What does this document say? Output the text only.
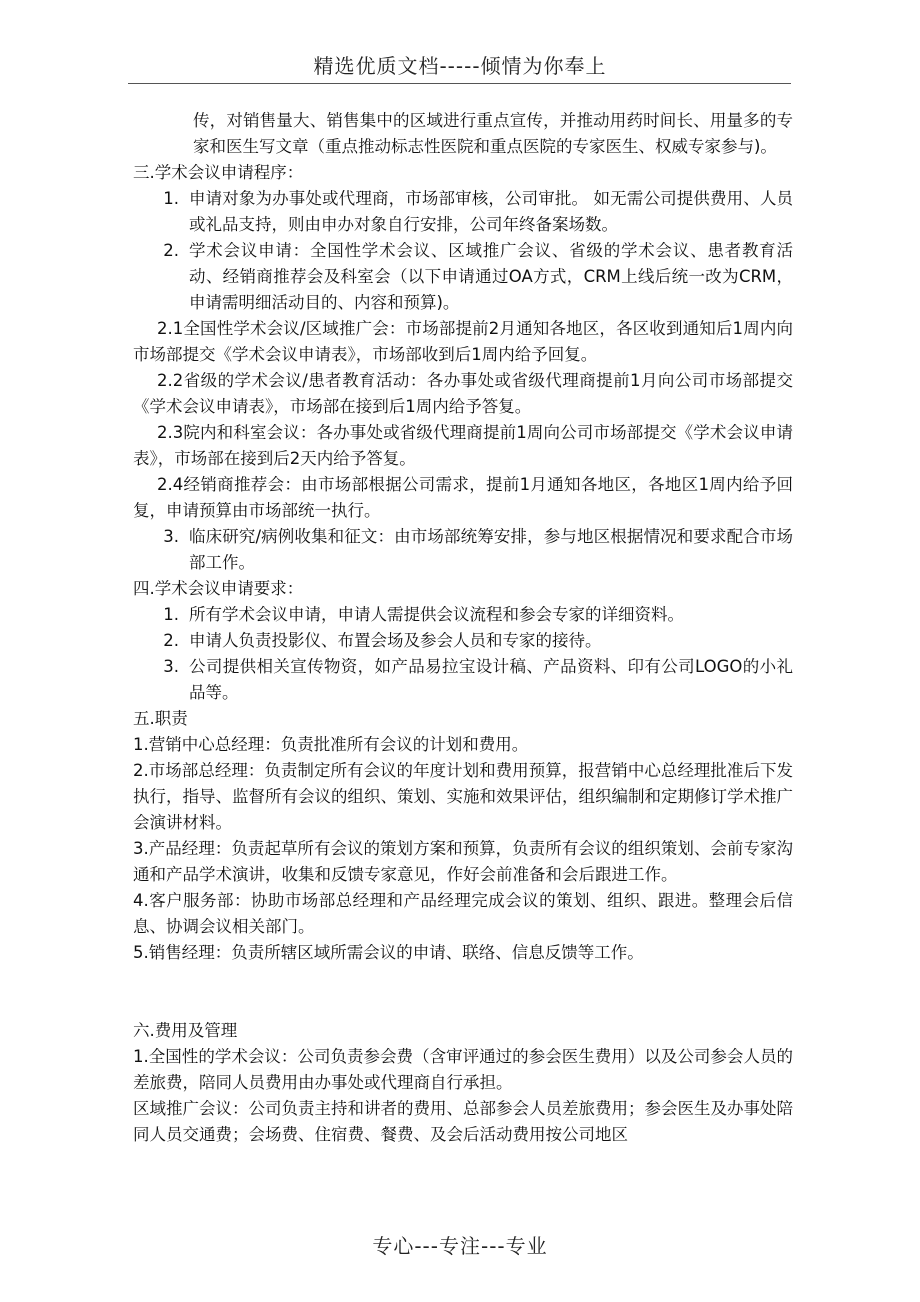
精选优质文档-----倾情为你奉上

传，对销售量大、销售集中的区域进行重点宣传，并推动用药时间长、用量多的专家和医生写文章（重点推动标志性医院和重点医院的专家医生、权威专家参与)。

三.学术会议申请程序：

1. 申请对象为办事处或代理商，市场部审核，公司审批。 如无需公司提供费用、人员或礼品支持，则由申办对象自行安排，公司年终备案场数。
2. 学术会议申请：全国性学术会议、区域推广会议、省级的学术会议、患者教育活动、经销商推荐会及科室会（以下申请通过OA方式，CRM上线后统一改为CRM，申请需明细活动目的、内容和预算)。

2.1全国性学术会议/区域推广会：市场部提前2月通知各地区，各区收到通知后1周内向市场部提交《学术会议申请表》，市场部收到后1周内给予回复。

2.2省级的学术会议/患者教育活动：各办事处或省级代理商提前1月向公司市场部提交《学术会议申请表》，市场部在接到后1周内给予答复。

2.3院内和科室会议：各办事处或省级代理商提前1周向公司市场部提交《学术会议申请表》，市场部在接到后2天内给予答复。

2.4经销商推荐会：由市场部根据公司需求，提前1月通知各地区，各地区1周内给予回复，申请预算由市场部统一执行。

3. 临床研究/病例收集和征文：由市场部统筹安排，参与地区根据情况和要求配合市场部工作。

四.学术会议申请要求：

1. 所有学术会议申请，申请人需提供会议流程和参会专家的详细资料。
2. 申请人负责投影仪、布置会场及参会人员和专家的接待。
3. 公司提供相关宣传物资，如产品易拉宝设计稿、产品资料、印有公司LOGO的小礼品等。

五.职责

1.营销中心总经理：负责批准所有会议的计划和费用。

2.市场部总经理：负责制定所有会议的年度计划和费用预算，报营销中心总经理批准后下发执行，指导、监督所有会议的组织、策划、实施和效果评估，组织编制和定期修订学术推广会演讲材料。

3.产品经理：负责起草所有会议的策划方案和预算，负责所有会议的组织策划、会前专家沟通和产品学术演讲，收集和反馈专家意见，作好会前准备和会后跟进工作。

4.客户服务部：协助市场部总经理和产品经理完成会议的策划、组织、跟进。整理会后信息、协调会议相关部门。

5.销售经理：负责所辖区域所需会议的申请、联络、信息反馈等工作。

六.费用及管理

1.全国性的学术会议：公司负责参会费（含审评通过的参会医生费用）以及公司参会人员的差旅费，陪同人员费用由办事处或代理商自行承担。

区域推广会议：公司负责主持和讲者的费用、总部参会人员差旅费用；参会医生及办事处陪同人员交通费；会场费、住宿费、餐费、及会后活动费用按公司地区

专心---专注---专业
